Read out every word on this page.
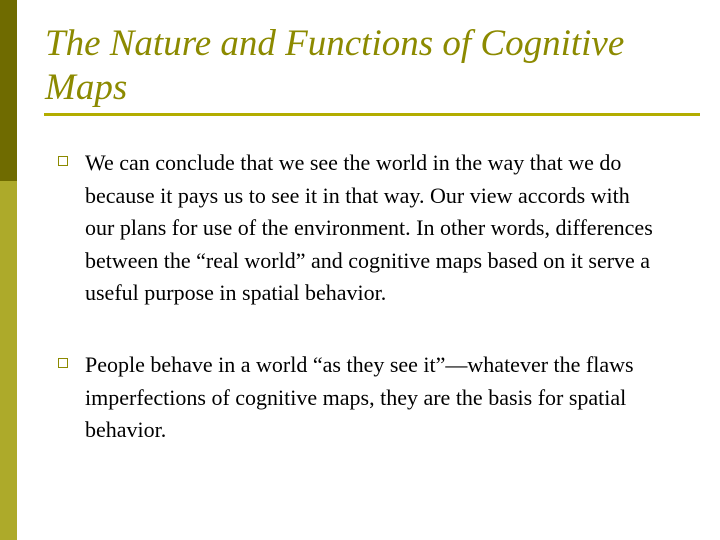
The Nature and Functions of Cognitive Maps

We can conclude that we see the world in the way that we do because it pays us to see it in that way. Our view accords with our plans for use of the environment. In other words, differences between the “real world” and cognitive maps based on it serve a useful purpose in spatial behavior.

People behave in a world “as they see it”—whatever the flaws imperfections of cognitive maps, they are the basis for spatial behavior.
